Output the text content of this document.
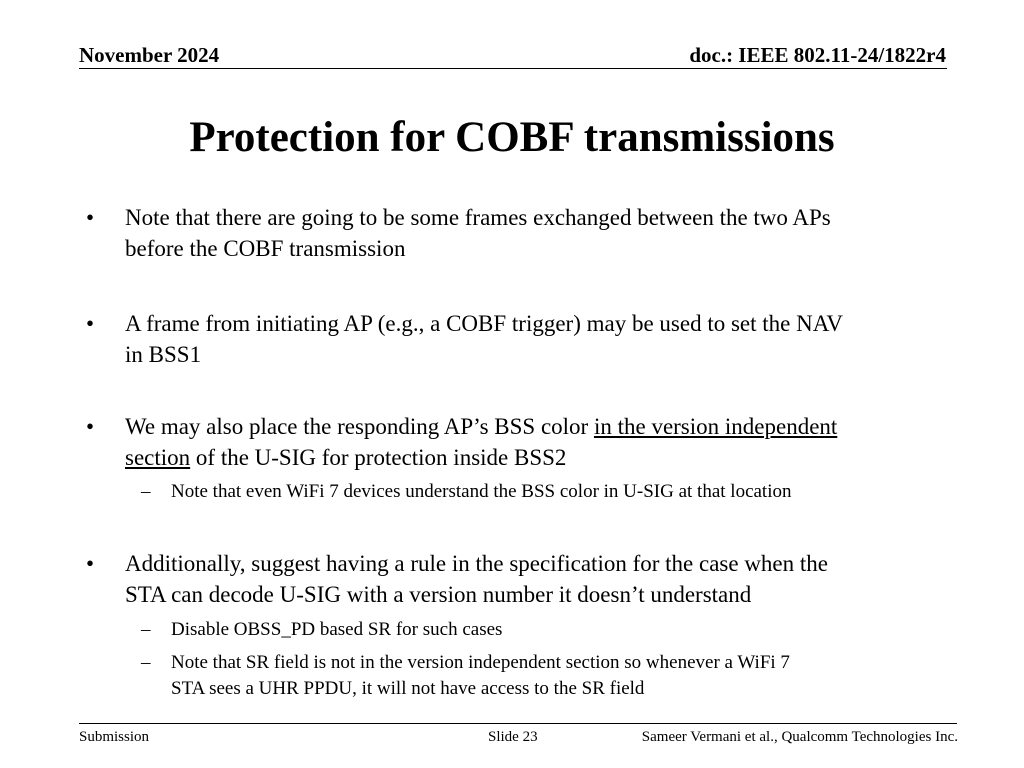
November 2024	doc.: IEEE 802.11-24/1822r4
Protection for COBF transmissions
• Note that there are going to be some frames exchanged between the two APs
before the COBF transmission
• A frame from initiating AP (e.g., a COBF trigger) may be used to set the NAV
in BSS1
• We may also place the responding AP’s BSS color in the version independent
section of the U-SIG for protection inside BSS2
– Note that even WiFi 7 devices understand the BSS color in U-SIG at that location
• Additionally, suggest having a rule in the specification for the case when the
STA can decode U-SIG with a version number it doesn’t understand
– Disable OBSS_PD based SR for such cases
– Note that SR field is not in the version independent section so whenever a WiFi 7
STA sees a UHR PPDU, it will not have access to the SR field
Submission	Slide 23	Sameer Vermani et al., Qualcomm Technologies Inc.
